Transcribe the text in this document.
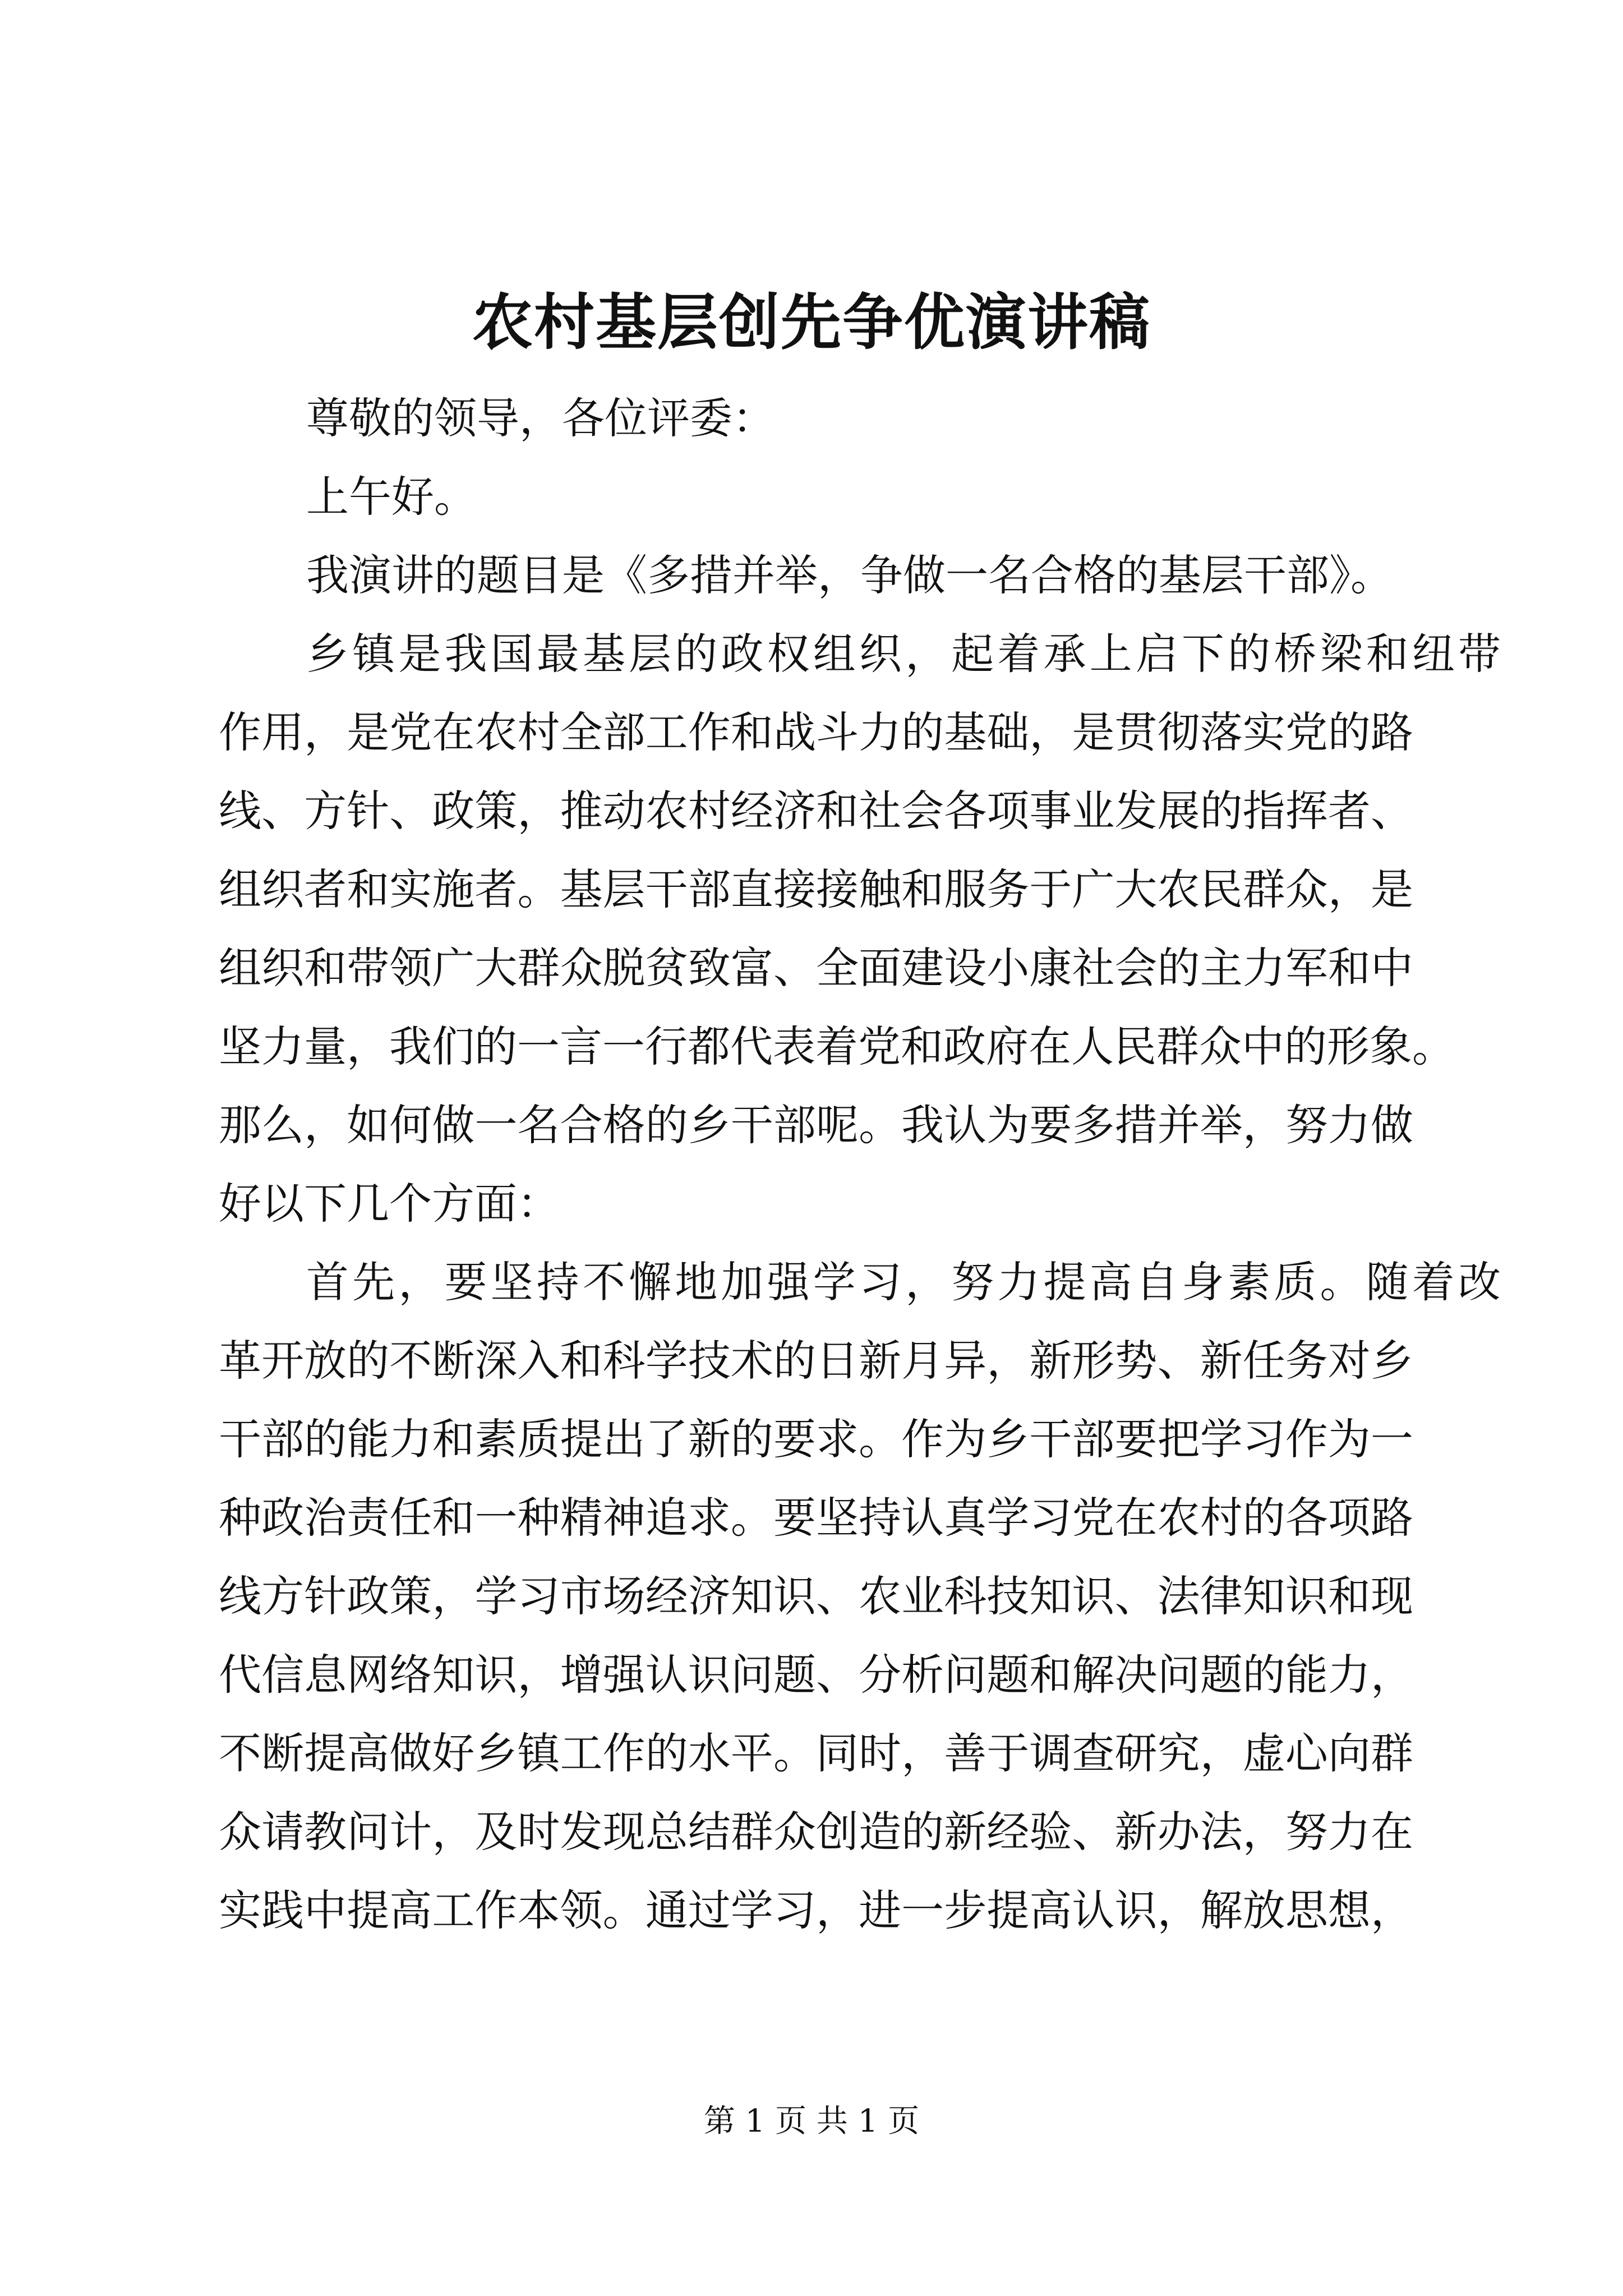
农村基层创先争优演讲稿
尊敬的领导，各位评委：
上午好。
我演讲的题目是《多措并举，争做一名合格的基层干部》。
乡镇是我国最基层的政权组织，起着承上启下的桥梁和纽带
作用，是党在农村全部工作和战斗力的基础，是贯彻落实党的路
线、方针、政策，推动农村经济和社会各项事业发展的指挥者、
组织者和实施者。基层干部直接接触和服务于广大农民群众，是
组织和带领广大群众脱贫致富、全面建设小康社会的主力军和中
坚力量，我们的一言一行都代表着党和政府在人民群众中的形象。
那么，如何做一名合格的乡干部呢。我认为要多措并举，努力做
好以下几个方面：
首先，要坚持不懈地加强学习，努力提高自身素质。随着改
革开放的不断深入和科学技术的日新月异，新形势、新任务对乡
干部的能力和素质提出了新的要求。作为乡干部要把学习作为一
种政治责任和一种精神追求。要坚持认真学习党在农村的各项路
线方针政策，学习市场经济知识、农业科技知识、法律知识和现
代信息网络知识，增强认识问题、分析问题和解决问题的能力，
不断提高做好乡镇工作的水平。同时，善于调查研究，虚心向群
众请教问计，及时发现总结群众创造的新经验、新办法，努力在
实践中提高工作本领。通过学习，进一步提高认识，解放思想，
第 1 页 共 1 页
